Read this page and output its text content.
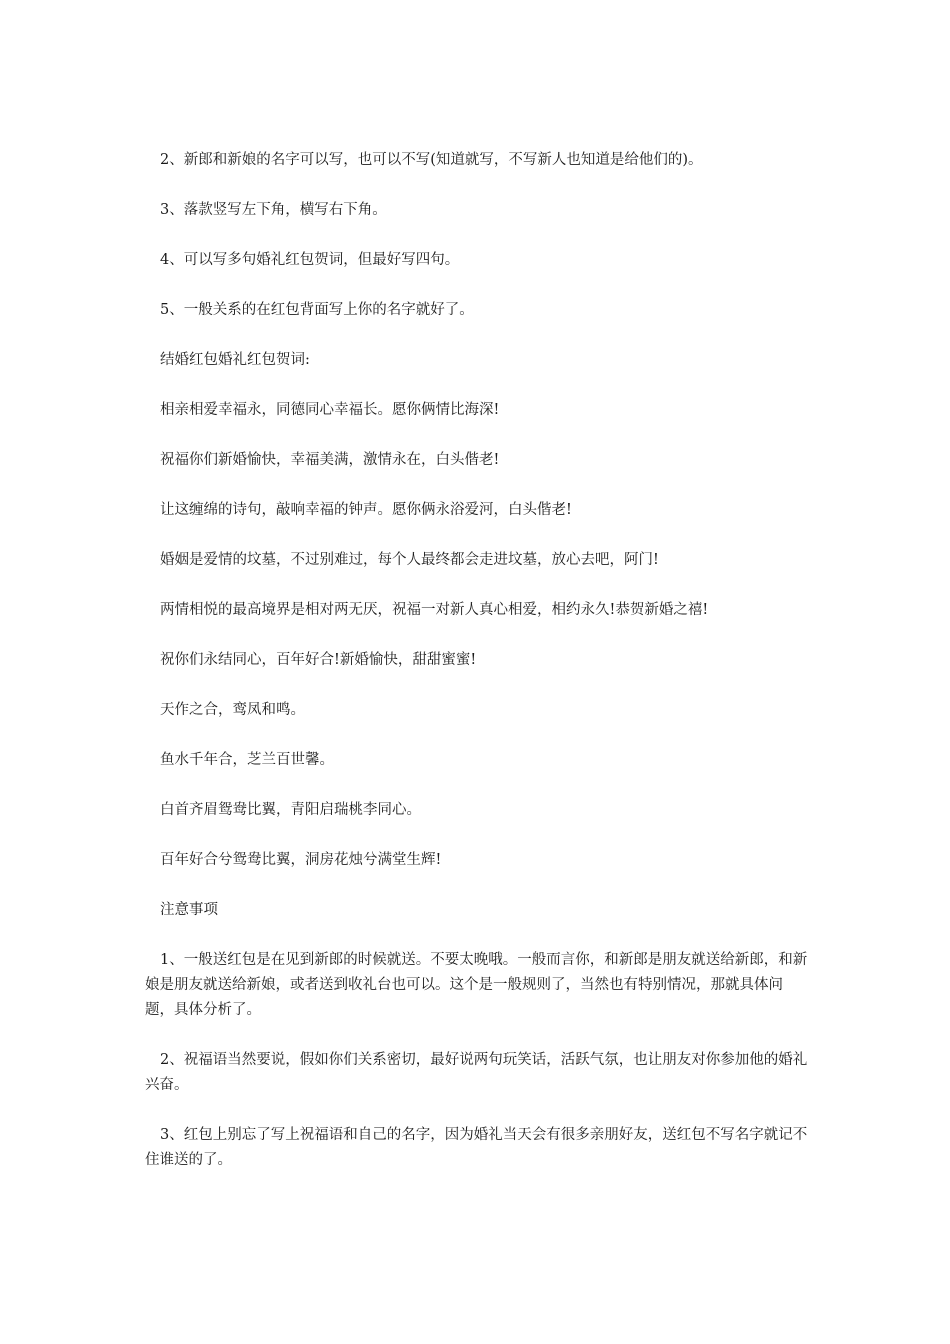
2、新郎和新娘的名字可以写，也可以不写(知道就写，不写新人也知道是给他们的)。

3、落款竖写左下角，横写右下角。

4、可以写多句婚礼红包贺词，但最好写四句。

5、一般关系的在红包背面写上你的名字就好了。

结婚红包婚礼红包贺词:

相亲相爱幸福永，同德同心幸福长。愿你俩情比海深!

祝福你们新婚愉快，幸福美满，激情永在，白头偕老!

让这缠绵的诗句，敲响幸福的钟声。愿你俩永浴爱河，白头偕老!

婚姻是爱情的坟墓，不过别难过，每个人最终都会走进坟墓，放心去吧，阿门!

两情相悦的最高境界是相对两无厌，祝福一对新人真心相爱，相约永久!恭贺新婚之禧!

祝你们永结同心，百年好合!新婚愉快，甜甜蜜蜜!

天作之合，鸾凤和鸣。

鱼水千年合，芝兰百世馨。

白首齐眉鸳鸯比翼，青阳启瑞桃李同心。

百年好合兮鸳鸯比翼，洞房花烛兮满堂生辉!

注意事项

1、一般送红包是在见到新郎的时候就送。不要太晚哦。一般而言你，和新郎是朋友就送给新郎，和新娘是朋友就送给新娘，或者送到收礼台也可以。这个是一般规则了，当然也有特别情况，那就具体问题，具体分析了。

2、祝福语当然要说，假如你们关系密切，最好说两句玩笑话，活跃气氛，也让朋友对你参加他的婚礼兴奋。

3、红包上别忘了写上祝福语和自己的名字，因为婚礼当天会有很多亲朋好友，送红包不写名字就记不住谁送的了。
